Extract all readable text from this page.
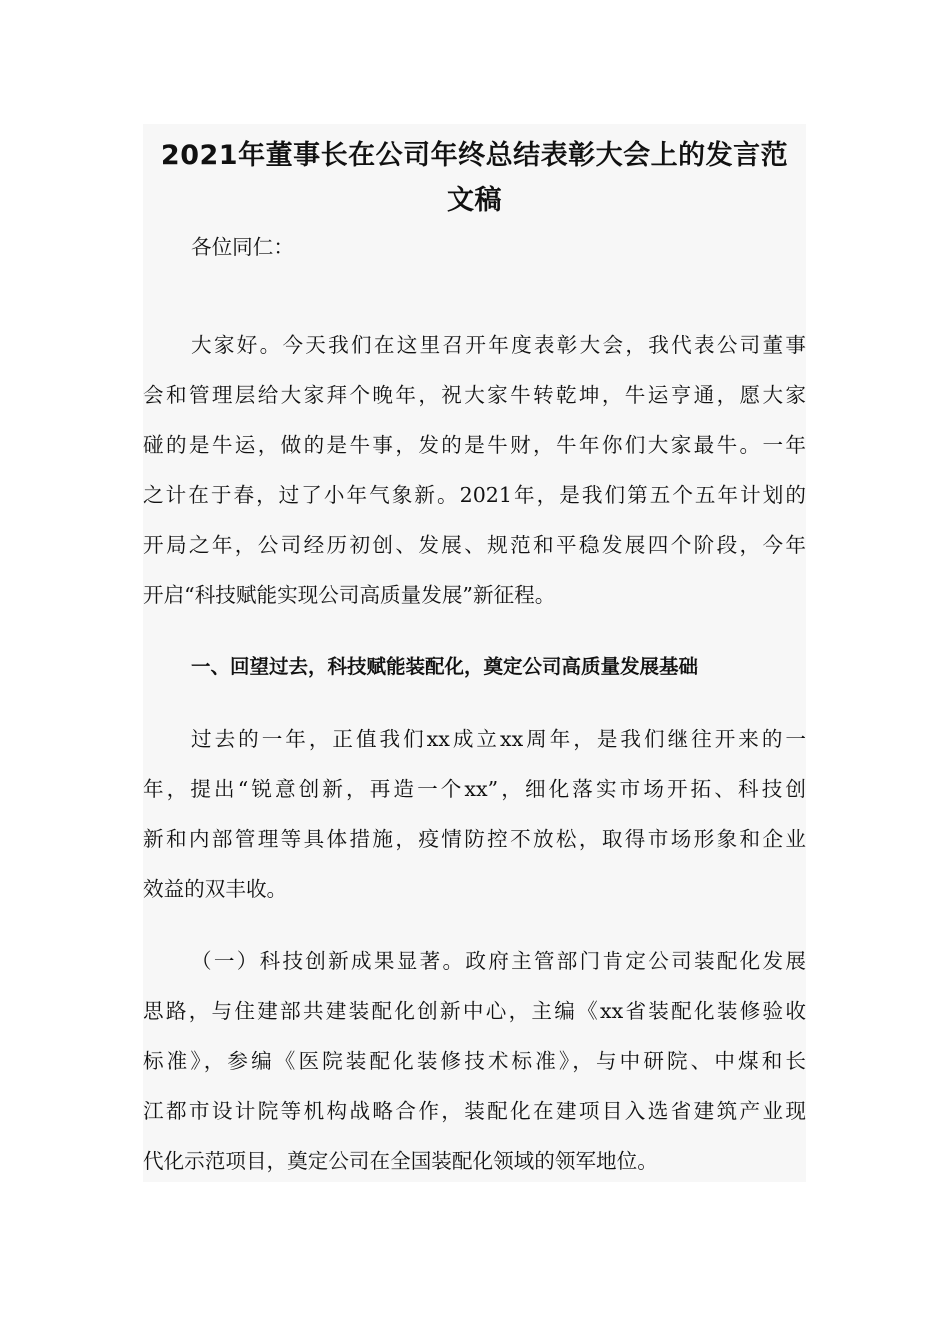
2021年董事长在公司年终总结表彰大会上的发言范
文稿

各位同仁：

大家好。今天我们在这里召开年度表彰大会，我代表公司董事

会和管理层给大家拜个晚年，祝大家牛转乾坤，牛运亨通，愿大家

碰的是牛运，做的是牛事，发的是牛财，牛年你们大家最牛。一年

之计在于春，过了小年气象新。2021年，是我们第五个五年计划的

开局之年，公司经历初创、发展、规范和平稳发展四个阶段，今年

开启“科技赋能实现公司高质量发展”新征程。

一、回望过去，科技赋能装配化，奠定公司高质量发展基础

过去的一年，正值我们xx成立xx周年，是我们继往开来的一

年，提出“锐意创新，再造一个xx”，细化落实市场开拓、科技创

新和内部管理等具体措施，疫情防控不放松，取得市场形象和企业

效益的双丰收。

（一）科技创新成果显著。政府主管部门肯定公司装配化发展

思路，与住建部共建装配化创新中心，主编《xx省装配化装修验收

标准》，参编《医院装配化装修技术标准》，与中研院、中煤和长

江都市设计院等机构战略合作，装配化在建项目入选省建筑产业现

代化示范项目，奠定公司在全国装配化领域的领军地位。
